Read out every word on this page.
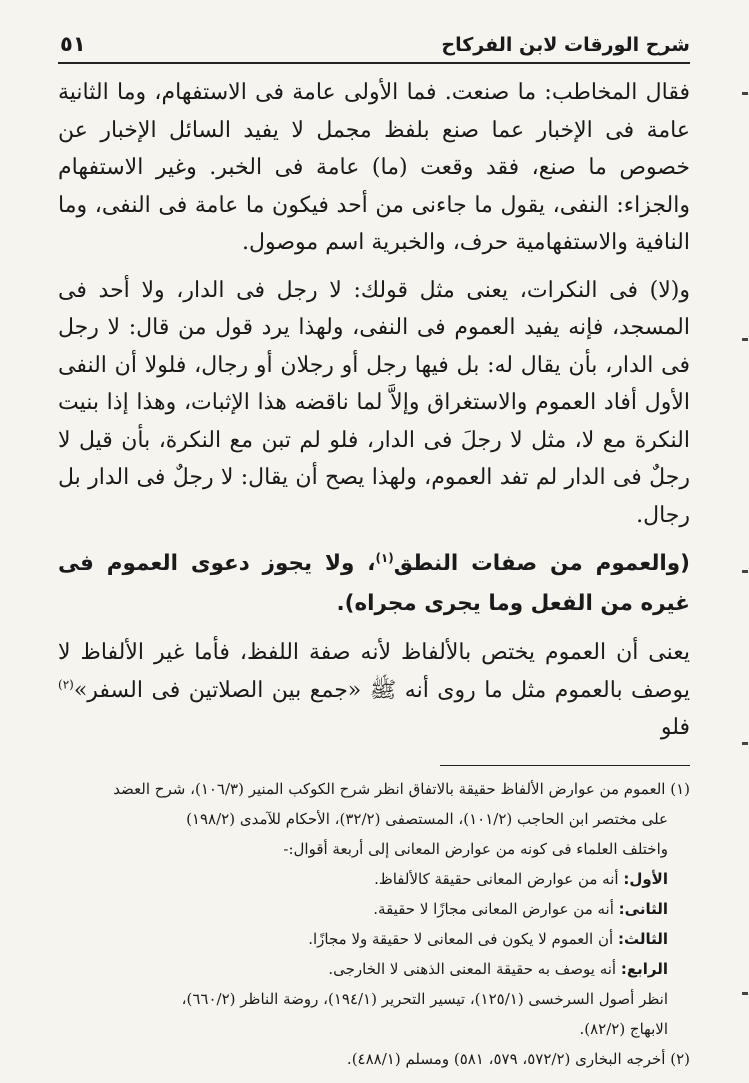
شرح الورقات لابن الفركاح
٥١

فقال المخاطب: ما صنعت. فما الأولى عامة فى الاستفهام، وما الثانية عامة فى الإخبار عما صنع بلفظ مجمل لا يفيد السائل الإخبار عن خصوص ما صنع، فقد وقعت (ما) عامة فى الخبر. وغير الاستفهام والجزاء: النفى، يقول ما جاءنى من أحد فيكون ما عامة فى النفى، وما النافية والاستفهامية حرف، والخبرية اسم موصول.

و(لا) فى النكرات، يعنى مثل قولك: لا رجل فى الدار، ولا أحد فى المسجد، فإنه يفيد العموم فى النفى، ولهذا يرد قول من قال: لا رجل فى الدار، بأن يقال له: بل فيها رجل أو رجلان أو رجال، فلولا أن النفى الأول أفاد العموم والاستغراق وإلاَّ لما ناقضه هذا الإثبات، وهذا إذا بنيت النكرة مع لا، مثل لا رجلَ فى الدار، فلو لم تبن مع النكرة، بأن قيل لا رجلٌ فى الدار لم تفد العموم، ولهذا يصح أن يقال: لا رجلٌ فى الدار بل رجال.

(والعموم من صفات النطق$^{(١)}$، ولا يجوز دعوى العموم فى غيره من الفعل وما يجرى مجراه).

يعنى أن العموم يختص بالألفاظ لأنه صفة اللفظ، فأما غير الألفاظ لا يوصف بالعموم مثل ما روى أنه ﷺ «جمع بين الصلاتين فى السفر»$^{(٢)}$ فلو

(١) العموم من عوارض الألفاظ حقيقة بالاتفاق انظر شرح الكوكب المنير (١٠٦/٣)، شرح العضد

على مختصر ابن الحاجب (١٠١/٢)، المستصفى (٣٢/٢)، الأحكام للآمدى (١٩٨/٢)

واختلف العلماء فى كونه من عوارض المعانى إلى أربعة أقوال:-

الأول: أنه من عوارض المعانى حقيقة كالألفاظ.

الثانى: أنه من عوارض المعانى مجازًا لا حقيقة.

الثالث: أن العموم لا يكون فى المعانى لا حقيقة ولا مجازًا.

الرابع: أنه يوصف به حقيقة المعنى الذهنى لا الخارجى.

انظر أصول السرخسى (١٢٥/١)، تيسير التحرير (١٩٤/١)، روضة الناظر (٦٦٠/٢)،

الابهاج (٨٢/٢).

(٢) أخرجه البخارى (٥٧٢/٢، ٥٧٩، ٥٨١) ومسلم (٤٨٨/١).
